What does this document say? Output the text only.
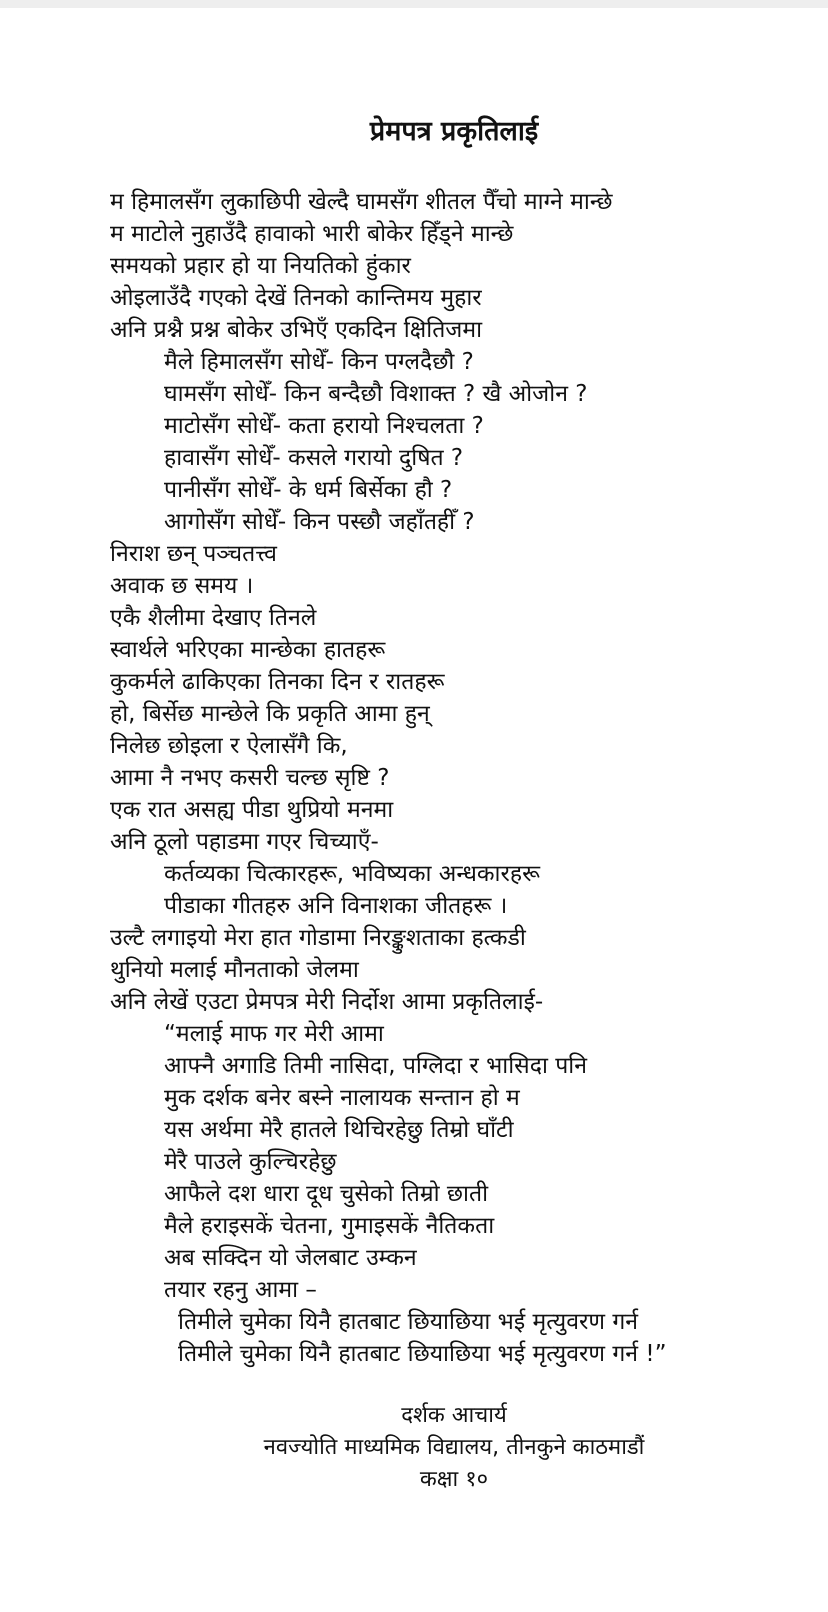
प्रेमपत्र प्रकृतिलाई
म हिमालसँग लुकाछिपी खेल्दै घामसँग शीतल पैँचो माग्ने मान्छे
म माटोले नुहाउँदै हावाको भारी बोकेर हिँड्ने मान्छे
समयको प्रहार हो या नियतिको हुंकार
ओइलाउँदै गएको देखें तिनको कान्तिमय मुहार
अनि प्रश्नै प्रश्न बोकेर उभिएँ एकदिन क्षितिजमा
मैले हिमालसँग सोधेँ- किन पग्लदैछौ ?
घामसँग सोधेँ- किन बन्दैछौ विशाक्त ? खै ओजोन ?
माटोसँग सोधेँ- कता हरायो निश्चलता ?
हावासँग सोधेँ- कसले गरायो दुषित ?
पानीसँग सोधेँ- के धर्म बिर्सेका हौ ?
आगोसँग सोधेँ- किन पस्छौ जहाँतहीँ ?
निराश छन् पञ्चतत्त्व
अवाक छ समय ।
एकै शैलीमा देखाए तिनले
स्वार्थले भरिएका मान्छेका हातहरू
कुकर्मले ढाकिएका तिनका दिन र रातहरू
हो, बिर्सेछ मान्छेले कि प्रकृति आमा हुन्
निलेछ छोइला र ऐलासँगै कि,
आमा नै नभए कसरी चल्छ सृष्टि ?
एक रात असह्य पीडा थुप्रियो मनमा
अनि ठूलो पहाडमा गएर चिच्याएँ-
कर्तव्यका चित्कारहरू, भविष्यका अन्धकारहरू
पीडाका गीतहरु अनि विनाशका जीतहरू ।
उल्टै लगाइयो मेरा हात गोडामा निरङ्कुशताका हत्कडी
थुनियो मलाई मौनताको जेलमा
अनि लेखें एउटा प्रेमपत्र मेरी निर्दोश आमा प्रकृतिलाई-
“मलाई माफ गर मेरी आमा
आफ्नै अगाडि तिमी नासिदा, पग्लिदा र भासिदा पनि
मुक दर्शक बनेर बस्ने नालायक सन्तान हो म
यस अर्थमा मेरै हातले थिचिरहेछु तिम्रो घाँटी
मेरै पाउले कुल्चिरहेछु
आफैले दश धारा दूध चुसेको तिम्रो छाती
मैले हराइसकें चेतना, गुमाइसकें नैतिकता
अब सक्दिन यो जेलबाट उम्कन
तयार रहनु आमा –
तिमीले चुमेका यिनै हातबाट छियाछिया भई मृत्युवरण गर्न
तिमीले चुमेका यिनै हातबाट छियाछिया भई मृत्युवरण गर्न !”
दर्शक आचार्य
नवज्योति माध्यमिक विद्यालय, तीनकुने काठमाडौं
कक्षा १०
